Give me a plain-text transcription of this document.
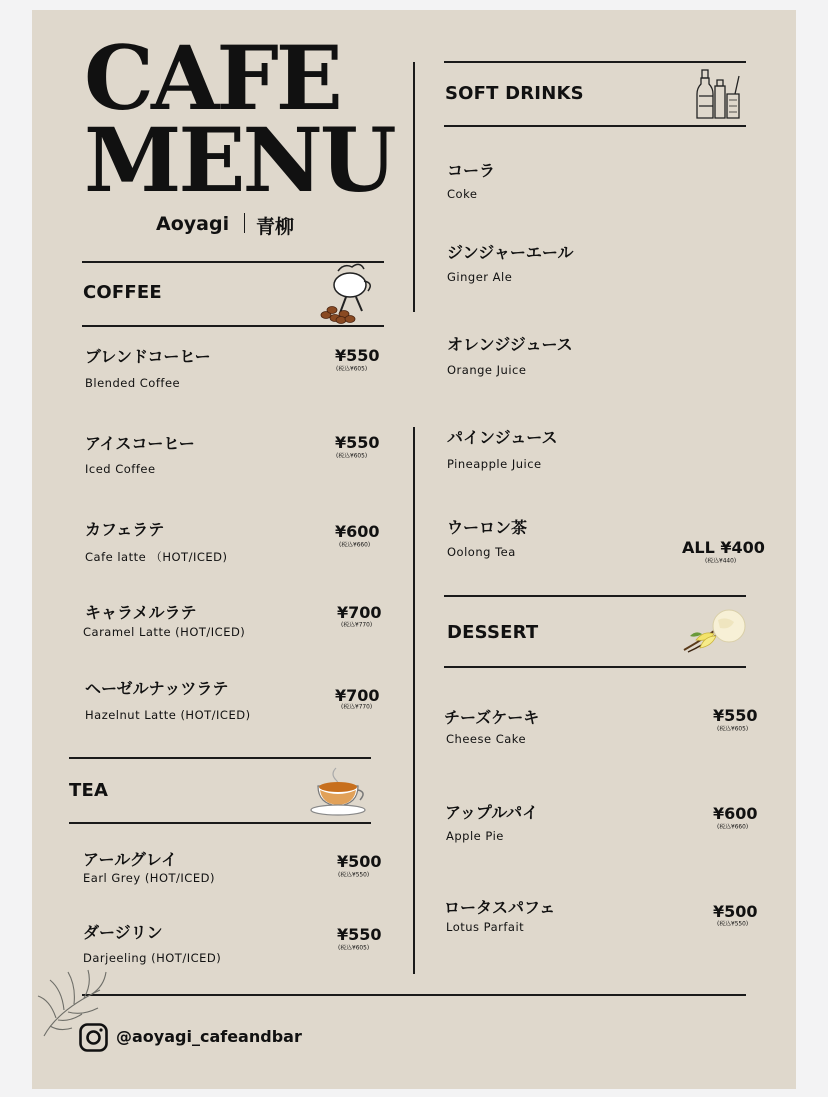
CAFE
MENU
Aoyagi 青柳
COFFEE
ブレンドコーヒー
Blended Coffee
¥550
(税込¥605)
アイスコーヒー
Iced Coffee
¥550
(税込¥605)
カフェラテ
Cafe latte （HOT/ICED)
¥600
(税込¥660)
キャラメルラテ
Caramel Latte (HOT/ICED)
¥700
(税込¥770)
ヘーゼルナッツラテ
Hazelnut Latte (HOT/ICED)
¥700
(税込¥770)
TEA
アールグレイ
Earl Grey (HOT/ICED)
¥500
(税込¥550)
ダージリン
Darjeeling (HOT/ICED)
¥550
(税込¥605)
SOFT DRINKS
コーラ
Coke
ジンジャーエール
Ginger Ale
オレンジジュース
Orange Juice
パインジュース
Pineapple Juice
ウーロン茶
Oolong Tea	ALL ¥400
(税込¥440)
DESSERT
チーズケーキ
Cheese Cake
¥550
(税込¥605)
アップルパイ
Apple Pie
¥600
(税込¥660)
ロータスパフェ
Lotus Parfait
¥500
(税込¥550)
@aoyagi_cafeandbar
